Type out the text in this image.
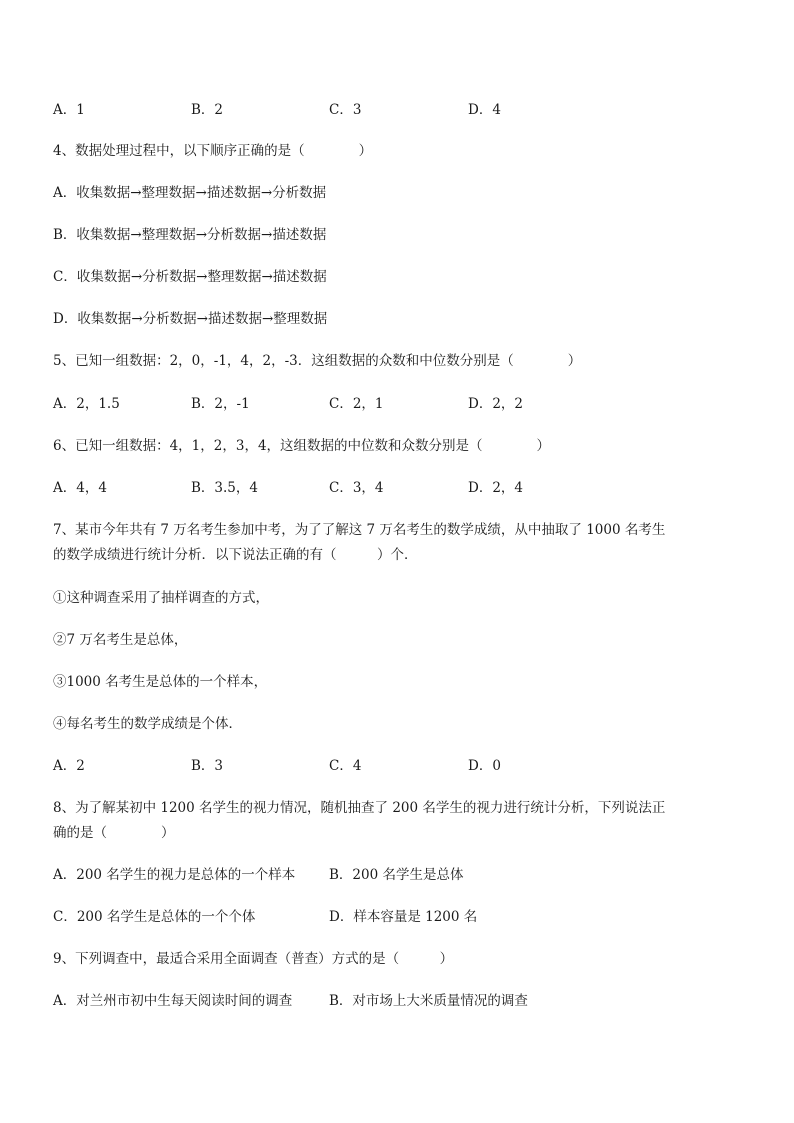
A．1	B．2	C．3	D．4
4、数据处理过程中，以下顺序正确的是（　　　　）
A．收集数据→整理数据→描述数据→分析数据
B．收集数据→整理数据→分析数据→描述数据
C．收集数据→分析数据→整理数据→描述数据
D．收集数据→分析数据→描述数据→整理数据
5、已知一组数据：2，0，-1，4，2，-3．这组数据的众数和中位数分别是（　　　　）
A．2，1.5	B．2，-1	C．2，1	D．2，2
6、已知一组数据：4，1，2，3，4，这组数据的中位数和众数分别是（　　　　）
A．4，4	B．3.5，4	C．3，4	D．2，4
7、某市今年共有 7 万名考生参加中考，为了了解这 7 万名考生的数学成绩，从中抽取了 1000 名考生
的数学成绩进行统计分析．以下说法正确的有（　　　）个．
①这种调查采用了抽样调查的方式，
②7 万名考生是总体，
③1000 名考生是总体的一个样本，
④每名考生的数学成绩是个体．
A．2	B．3	C．4	D．0
8、为了解某初中 1200 名学生的视力情况，随机抽查了 200 名学生的视力进行统计分析，下列说法正
确的是（　　　　）
A．200 名学生的视力是总体的一个样本 B．200 名学生是总体
C．200 名学生是总体的一个个体	D．样本容量是 1200 名
9、下列调查中，最适合采用全面调查（普查）方式的是（　　　）
A．对兰州市初中生每天阅读时间的调查	B．对市场上大米质量情况的调查
